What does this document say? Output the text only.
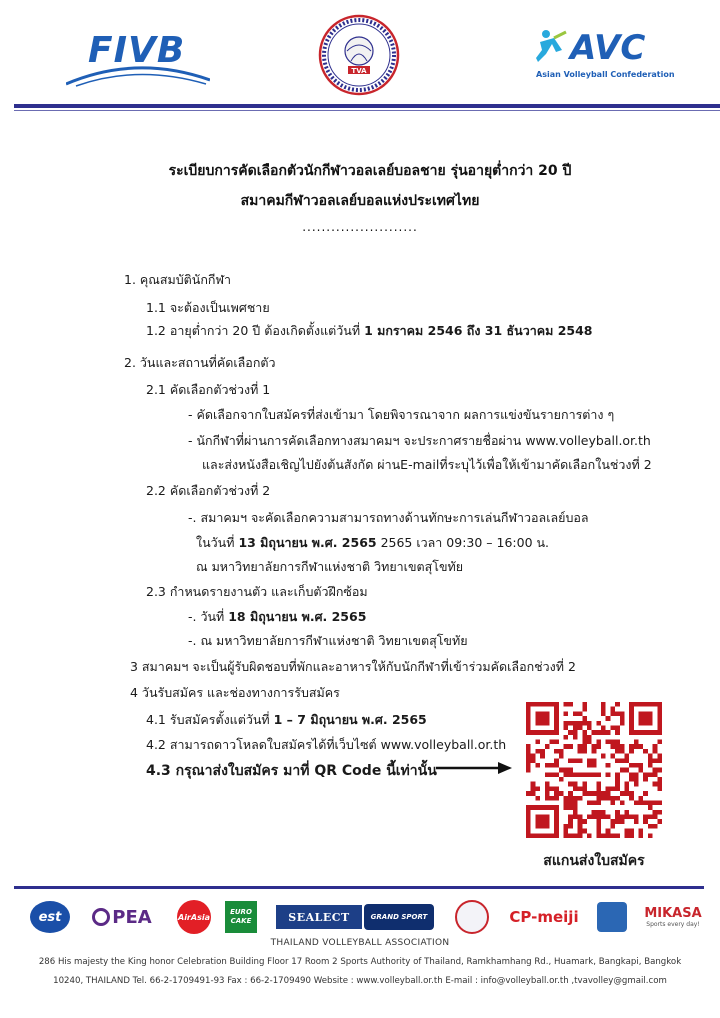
FIVB	TVA
AVC
Asian Volleyball Confederation
ระเบียบการคัดเลือกตัวนักกีฬาวอลเลย์บอลชาย รุ่นอายุต่ำกว่า 20 ปี
สมาคมกีฬาวอลเลย์บอลแห่งประเทศไทย
........................
1. คุณสมบัตินักกีฬา
1.1 จะต้องเป็นเพศชาย
1.2 อายุต่ำกว่า 20 ปี ต้องเกิดตั้งแต่วันที่ 1 มกราคม 2546 ถึง 31 ธันวาคม 2548
2. วันและสถานที่คัดเลือกตัว
2.1 คัดเลือกตัวช่วงที่ 1
- คัดเลือกจากใบสมัครที่ส่งเข้ามา โดยพิจารณาจาก ผลการแข่งขันรายการต่าง ๆ
- นักกีฬาที่ผ่านการคัดเลือกทางสมาคมฯ จะประกาศรายชื่อผ่าน www.volleyball.or.th
และส่งหนังสือเชิญไปยังต้นสังกัด ผ่านE-mailที่ระบุไว้เพื่อให้เข้ามาคัดเลือกในช่วงที่ 2
2.2 คัดเลือกตัวช่วงที่ 2
-. สมาคมฯ จะคัดเลือกความสามารถทางด้านทักษะการเล่นกีฬาวอลเลย์บอล
ในวันที่ 13 มิถุนายน พ.ศ. 2565 2565 เวลา 09:30 – 16:00 น.
ณ มหาวิทยาลัยการกีฬาแห่งชาติ วิทยาเขตสุโขทัย
2.3 กำหนดรายงานตัว และเก็บตัวฝึกซ้อม
-. วันที่ 18 มิถุนายน พ.ศ. 2565
-. ณ มหาวิทยาลัยการกีฬาแห่งชาติ วิทยาเขตสุโขทัย
3 สมาคมฯ จะเป็นผู้รับผิดชอบที่พักและอาหารให้กับนักกีฬาที่เข้าร่วมคัดเลือกช่วงที่ 2
4 วันรับสมัคร และช่องทางการรับสมัคร
4.1 รับสมัครตั้งแต่วันที่ 1 – 7 มิถุนายน พ.ศ. 2565
4.2 สามารถดาวโหลดใบสมัครได้ที่เว็บไซต์ www.volleyball.or.th
4.3 กรุณาส่งใบสมัคร มาที่ QR Code นี้เท่านั้น
สแกนส่งใบสมัคร
est	PEA	AirAsia
EURO
CAKE	SEALECT	GRAND SPORT	CP-meiji	MIKASA
Sports every day!
THAILAND VOLLEYBALL ASSOCIATION
286 His majesty the King honor Celebration Building Floor 17 Room 2 Sports Authority of Thailand, Ramkhamhang Rd., Huamark, Bangkapi, Bangkok
10240, THAILAND Tel. 66-2-1709491-93 Fax : 66-2-1709490 Website : www.volleyball.or.th E-mail : info@volleyball.or.th ,tvavolley@gmail.com
